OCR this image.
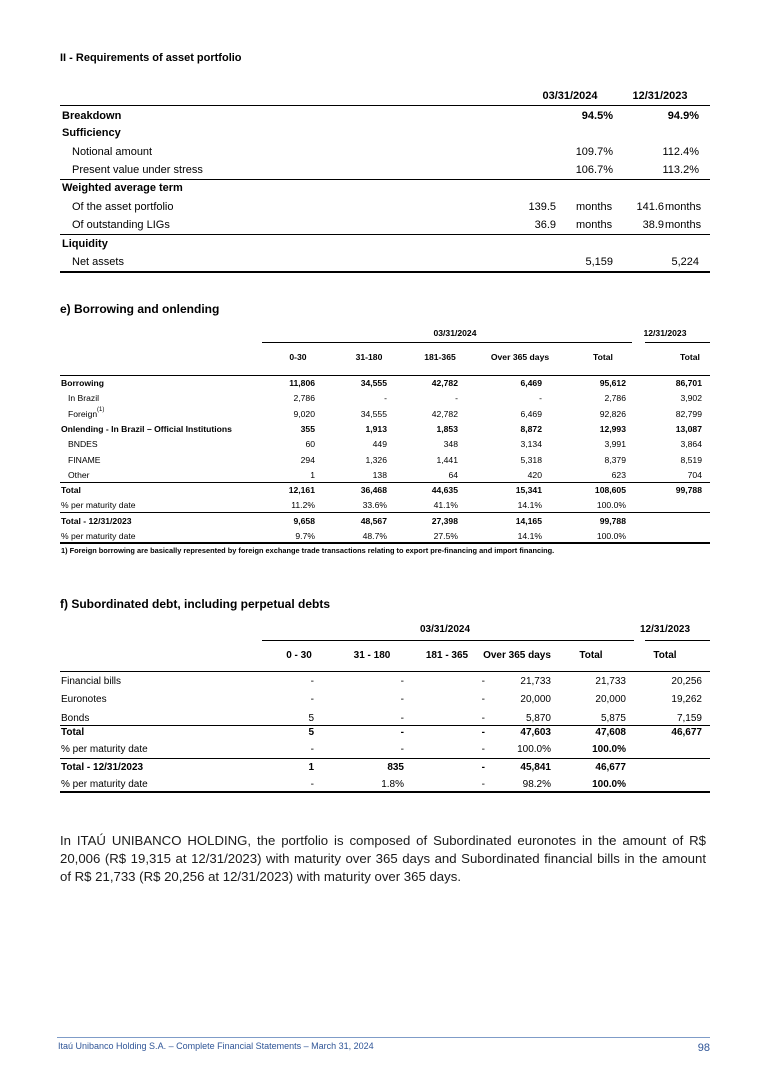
II - Requirements of asset portfolio
03/31/2024	12/31/2023
Breakdown	94.5%	94.9%
Sufficiency
Notional amount	109.7%	112.4%
Present value under stress	106.7%	113.2%
Weighted average term
Of the asset portfolio	139.5 months	141.6 months
Of outstanding LIGs	36.9 months	38.9 months
Liquidity
Net assets	5,159	5,224
e) Borrowing and onlending
03/31/2024	12/31/2023
0-30	31-180	181-365	Over 365 days	Total	Total
Borrowing	11,806	34,555	42,782	6,469	95,612	86,701
In Brazil	2,786	-	-	-	2,786	3,902
Foreign (1)	9,020	34,555	42,782	6,469	92,826	82,799
Onlending - In Brazil – Official Institutions	355	1,913	1,853	8,872	12,993	13,087
BNDES	60	449	348	3,134	3,991	3,864
FINAME	294	1,326	1,441	5,318	8,379	8,519
Other	1	138	64	420	623	704
Total	12,161	36,468	44,635	15,341	108,605	99,788
% per maturity date	11.2%	33.6%	41.1%	14.1%	100.0%
Total - 12/31/2023	9,658	48,567	27,398	14,165	99,788
% per maturity date	9.7%	48.7%	27.5%	14.1%	100.0%
1) Foreign borrowing are basically represented by foreign exchange trade transactions relating to export pre-financing and import financing.
f) Subordinated debt, including perpetual debts
03/31/2024	12/31/2023
0 - 30	31 - 180	181 - 365	Over 365 days	Total	Total
Financial bills	-	-	-	21,733	21,733	20,256
Euronotes	-	-	-	20,000	20,000	19,262
Bonds	5	-	-	5,870	5,875	7,159
Total	5	-	-	47,603	47,608	46,677
% per maturity date	-	-	-	100.0%	100.0%
Total - 12/31/2023	1	835	-	45,841	46,677
% per maturity date	-	1.8%	-	98.2%	100.0%
In ITAÚ UNIBANCO HOLDING, the portfolio is composed of Subordinated euronotes in the amount of R$ 20,006 (R$ 19,315 at 12/31/2023) with maturity over 365 days and Subordinated financial bills in the amount of R$ 21,733 (R$ 20,256 at 12/31/2023) with maturity over 365 days.
Itaú Unibanco Holding S.A. – Complete Financial Statements – March 31, 2024	98
